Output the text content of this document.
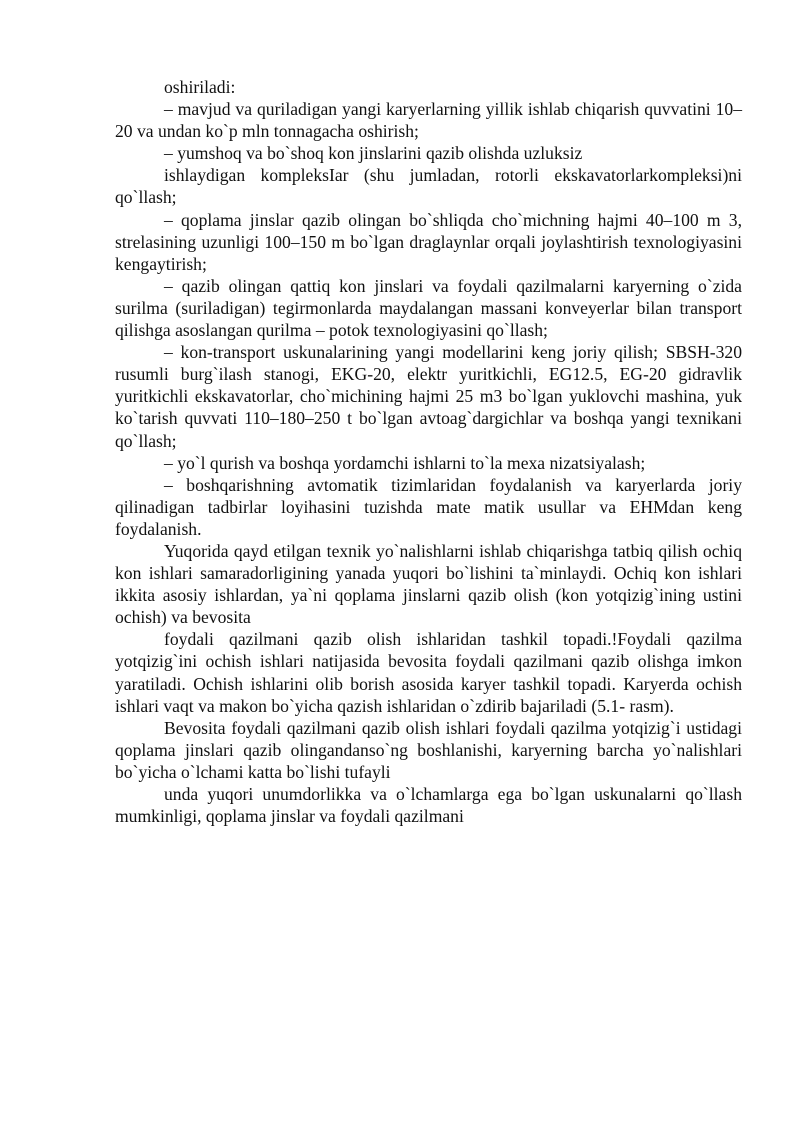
oshiriladi:

– mavjud va quriladigan yangi karyerlarning yillik ishlab chiqarish quvvatini 10–20 va undan ko`p mln tonnagacha oshirish;

– yumshoq va bo`shoq kon jinslarini qazib olishda uzluksiz

ishlaydigan kompleksIar (shu jumladan, rotorli ekskavatorlarkompleksi)ni qo`llash;

– qoplama jinslar qazib olingan bo`shliqda cho`michning hajmi 40–100 m 3, strelasining uzunligi 100–150 m bo`lgan draglaynlar orqali joylashtirish texnologiyasini kengaytirish;

– qazib olingan qattiq kon jinslari va foydali qazilmalarni karyerning o`zida surilma (suriladigan) tegirmonlarda maydalangan massani konveyerlar bilan transport qilishga asoslangan qurilma – potok texnologiyasini qo`llash;

– kon-transport uskunalarining yangi modellarini keng joriy qilish; SBSH-320 rusumli burg`ilash stanogi, EKG-20, elektr yuritkichli, EG12.5, EG-20 gidravlik yuritkichli ekskavatorlar, cho`michining hajmi 25 m3 bo`lgan yuklovchi mashina, yuk ko`tarish quvvati 110–180–250 t bo`lgan avtoag`dargichlar va boshqa yangi texnikani qo`llash;

– yo`l qurish va boshqa yordamchi ishlarni to`la mexa nizatsiyalash;

– boshqarishning avtomatik tizimlaridan foydalanish va karyerlarda joriy qilinadigan tadbirlar loyihasini tuzishda mate matik usullar va EHMdan keng foydalanish.

Yuqorida qayd etilgan texnik yo`nalishlarni ishlab chiqarishga tatbiq qilish ochiq kon ishlari samaradorligining yanada yuqori bo`lishini ta`minlaydi. Ochiq kon ishlari ikkita asosiy ishlardan, ya`ni qoplama jinslarni qazib olish (kon yotqizig`ining ustini ochish) va bevosita

foydali qazilmani qazib olish ishlaridan tashkil topadi.!Foydali qazilma yotqizig`ini ochish ishlari natijasida bevosita foydali qazilmani qazib olishga imkon yaratiladi. Ochish ishlarini olib borish asosida karyer tashkil topadi. Karyerda ochish ishlari vaqt va makon bo`yicha qazish ishlaridan o`zdirib bajariladi (5.1- rasm).

Bevosita foydali qazilmani qazib olish ishlari foydali qazilma yotqizig`i ustidagi qoplama jinslari qazib olingandanso`ng boshlanishi, karyerning barcha yo`nalishlari bo`yicha o`lchami katta bo`lishi tufayli

unda yuqori unumdorlikka va o`lchamlarga ega bo`lgan uskunalarni qo`llash mumkinligi, qoplama jinslar va foydali qazilmani
